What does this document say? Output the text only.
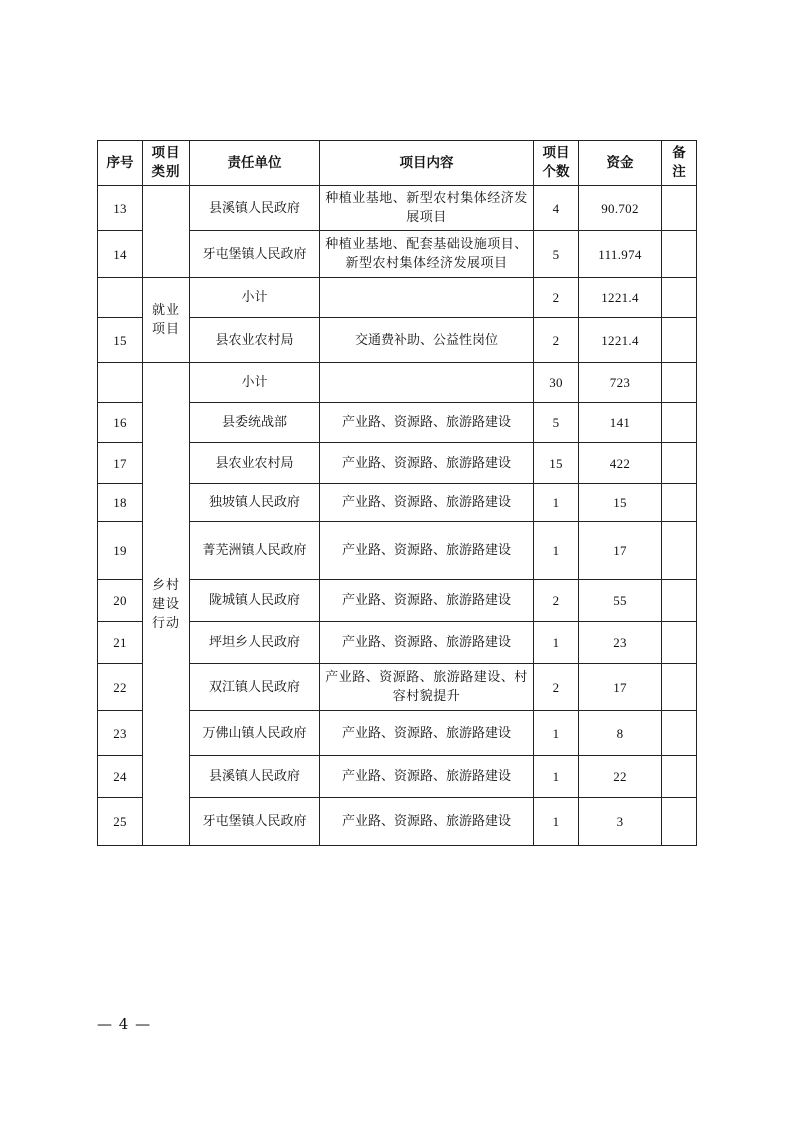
序号	项目类别	责任单位	项目内容	项目个数	资金	备注
13		县溪镇人民政府	种植业基地、新型农村集体经济发展项目	4	90.702	
14		牙屯堡镇人民政府	种植业基地、配套基础设施项目、新型农村集体经济发展项目	5	111.974	
	就业项目	小计		2	1221.4	
15		县农业农村局	交通费补助、公益性岗位	2	1221.4	
	乡村建设行动	小计		30	723	
16		县委统战部	产业路、资源路、旅游路建设	5	141	
17		县农业农村局	产业路、资源路、旅游路建设	15	422	
18		独坡镇人民政府	产业路、资源路、旅游路建设	1	15	
19		菁芜洲镇人民政府	产业路、资源路、旅游路建设	1	17	
20		陇城镇人民政府	产业路、资源路、旅游路建设	2	55	
21		坪坦乡人民政府	产业路、资源路、旅游路建设	1	23	
22		双江镇人民政府	产业路、资源路、旅游路建设、村容村貌提升	2	17	
23		万佛山镇人民政府	产业路、资源路、旅游路建设	1	8	
24		县溪镇人民政府	产业路、资源路、旅游路建设	1	22	
25		牙屯堡镇人民政府	产业路、资源路、旅游路建设	1	3	
— 4 —
